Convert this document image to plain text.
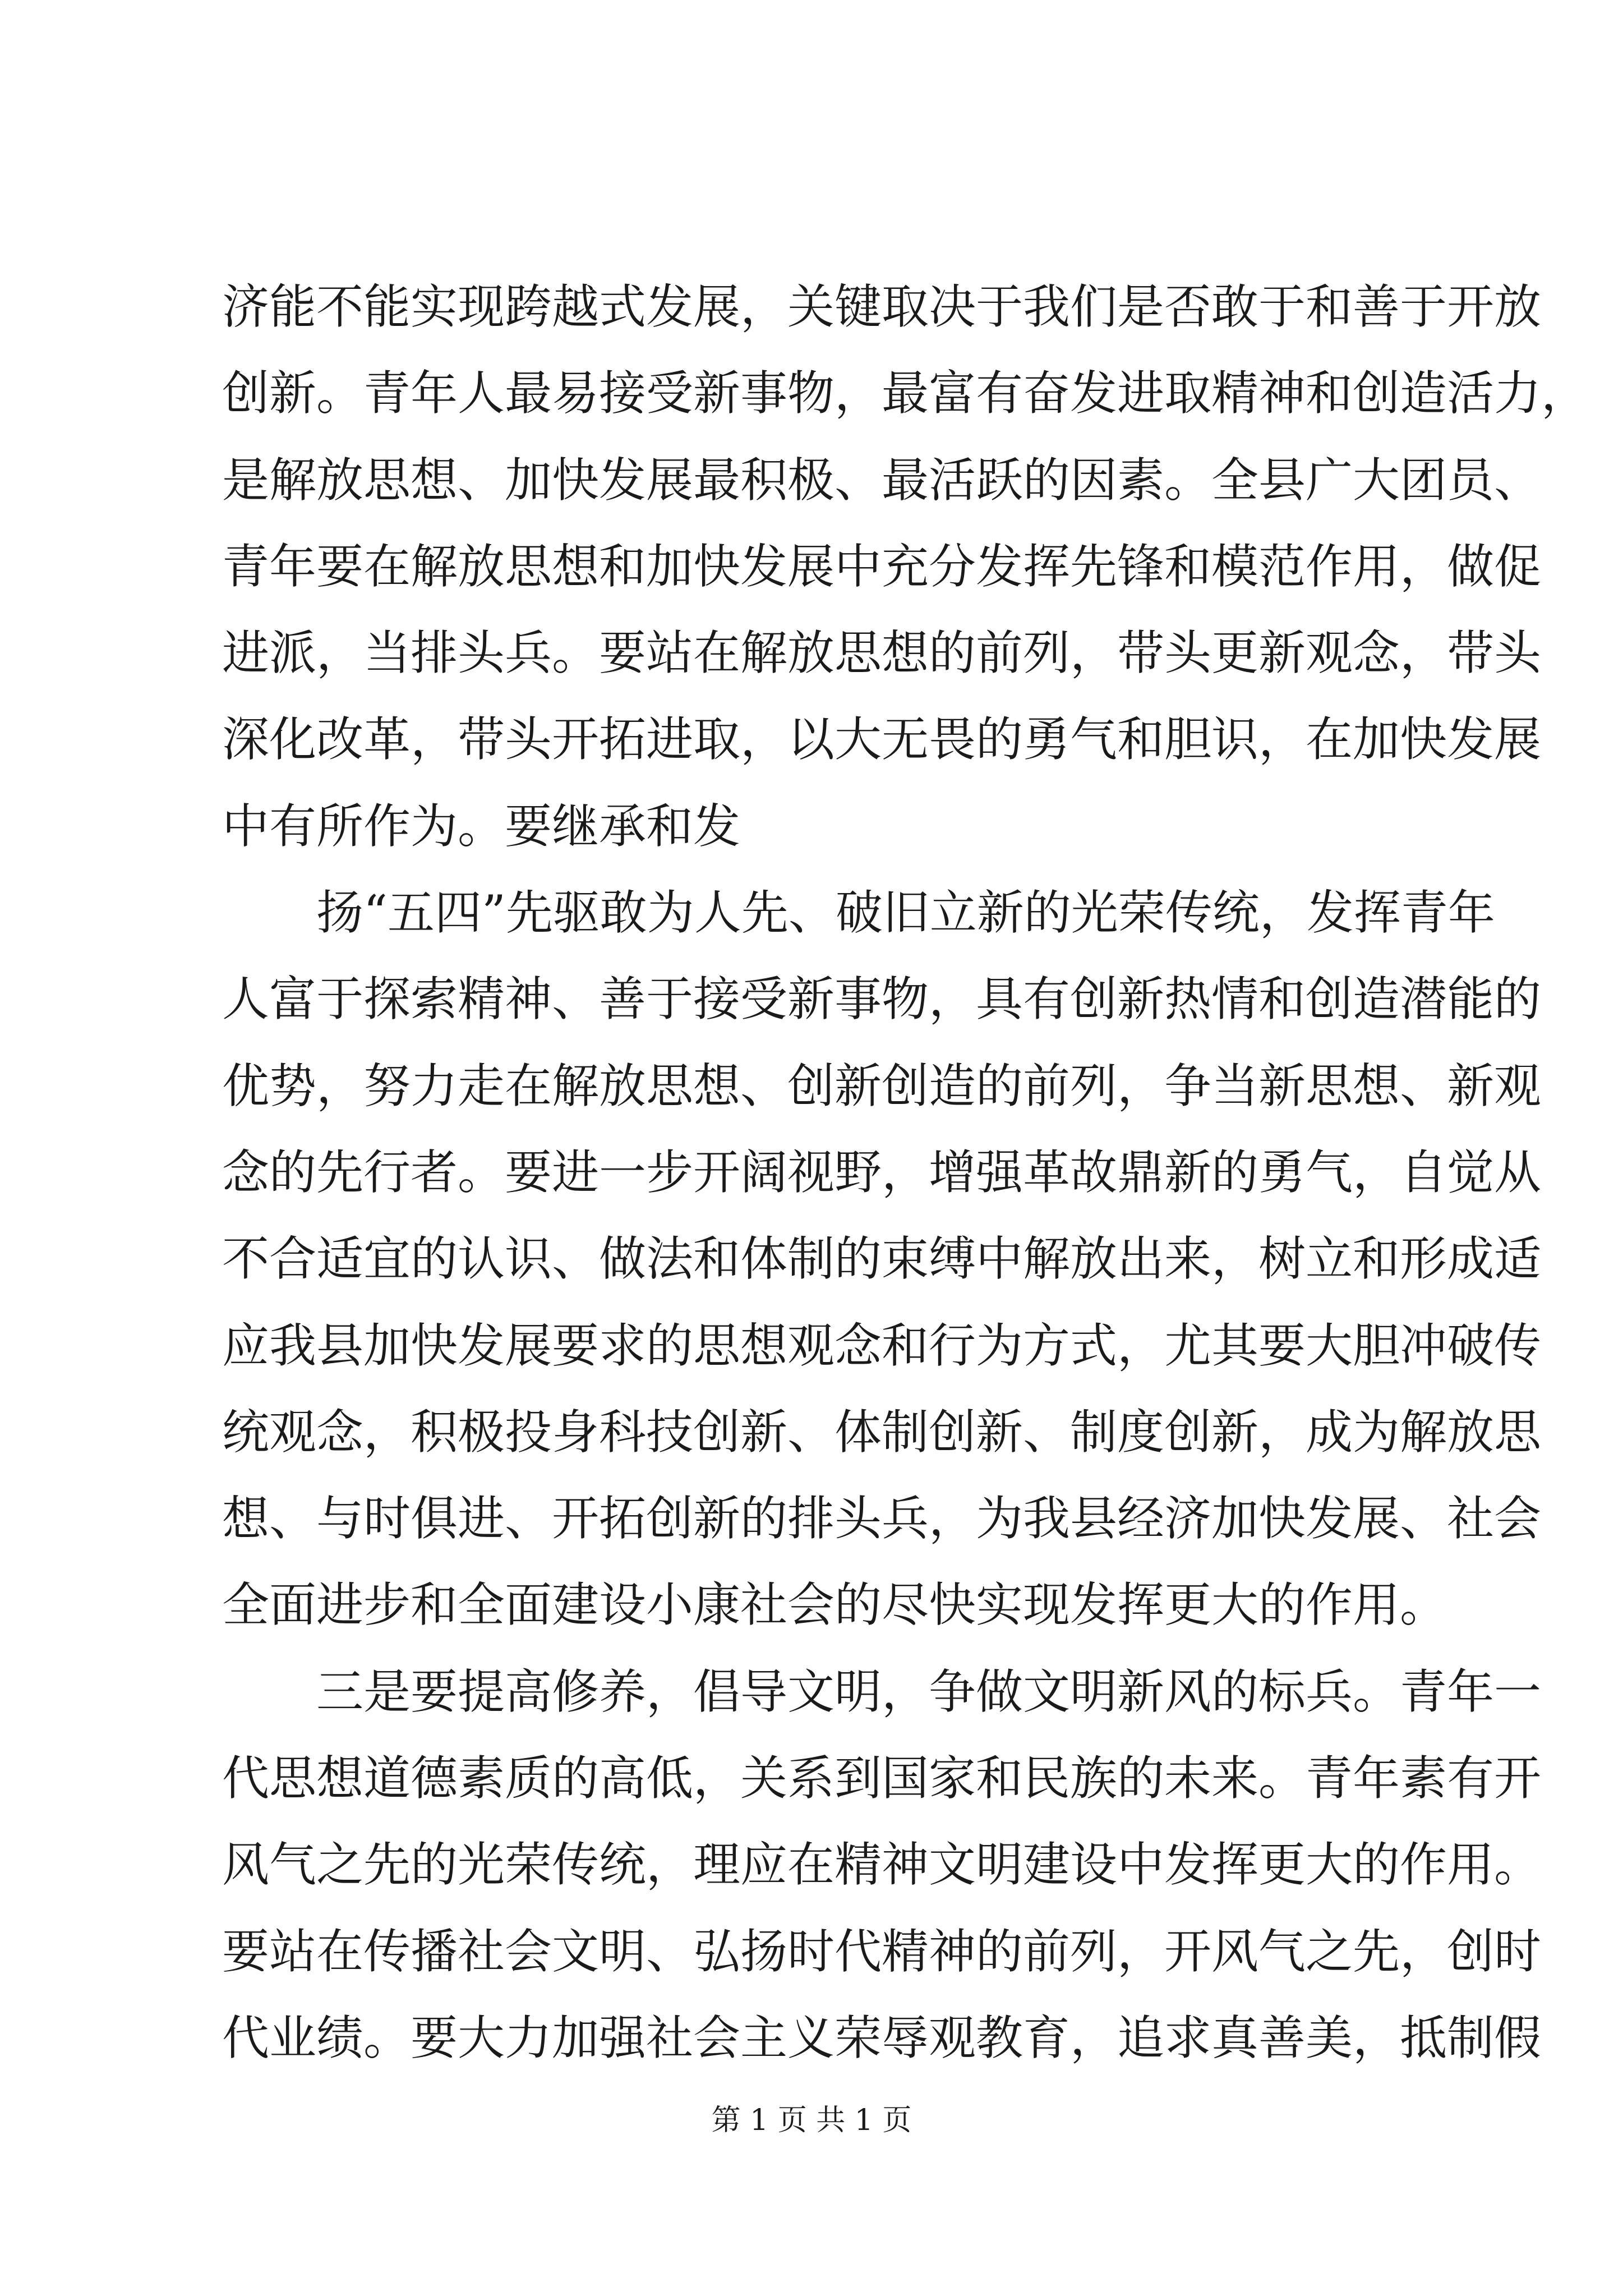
济能不能实现跨越式发展，关键取决于我们是否敢于和善于开放
创新。青年人最易接受新事物，最富有奋发进取精神和创造活力，
是解放思想、加快发展最积极、最活跃的因素。全县广大团员、
青年要在解放思想和加快发展中充分发挥先锋和模范作用，做促
进派，当排头兵。要站在解放思想的前列，带头更新观念，带头
深化改革，带头开拓进取，以大无畏的勇气和胆识，在加快发展
中有所作为。要继承和发
扬“五四”先驱敢为人先、破旧立新的光荣传统，发挥青年
人富于探索精神、善于接受新事物，具有创新热情和创造潜能的
优势，努力走在解放思想、创新创造的前列，争当新思想、新观
念的先行者。要进一步开阔视野，增强革故鼎新的勇气，自觉从
不合适宜的认识、做法和体制的束缚中解放出来，树立和形成适
应我县加快发展要求的思想观念和行为方式，尤其要大胆冲破传
统观念，积极投身科技创新、体制创新、制度创新，成为解放思
想、与时俱进、开拓创新的排头兵，为我县经济加快发展、社会
全面进步和全面建设小康社会的尽快实现发挥更大的作用。
三是要提高修养，倡导文明，争做文明新风的标兵。青年一
代思想道德素质的高低，关系到国家和民族的未来。青年素有开
风气之先的光荣传统，理应在精神文明建设中发挥更大的作用。
要站在传播社会文明、弘扬时代精神的前列，开风气之先，创时
代业绩。要大力加强社会主义荣辱观教育，追求真善美，抵制假
第 1 页 共 1 页
